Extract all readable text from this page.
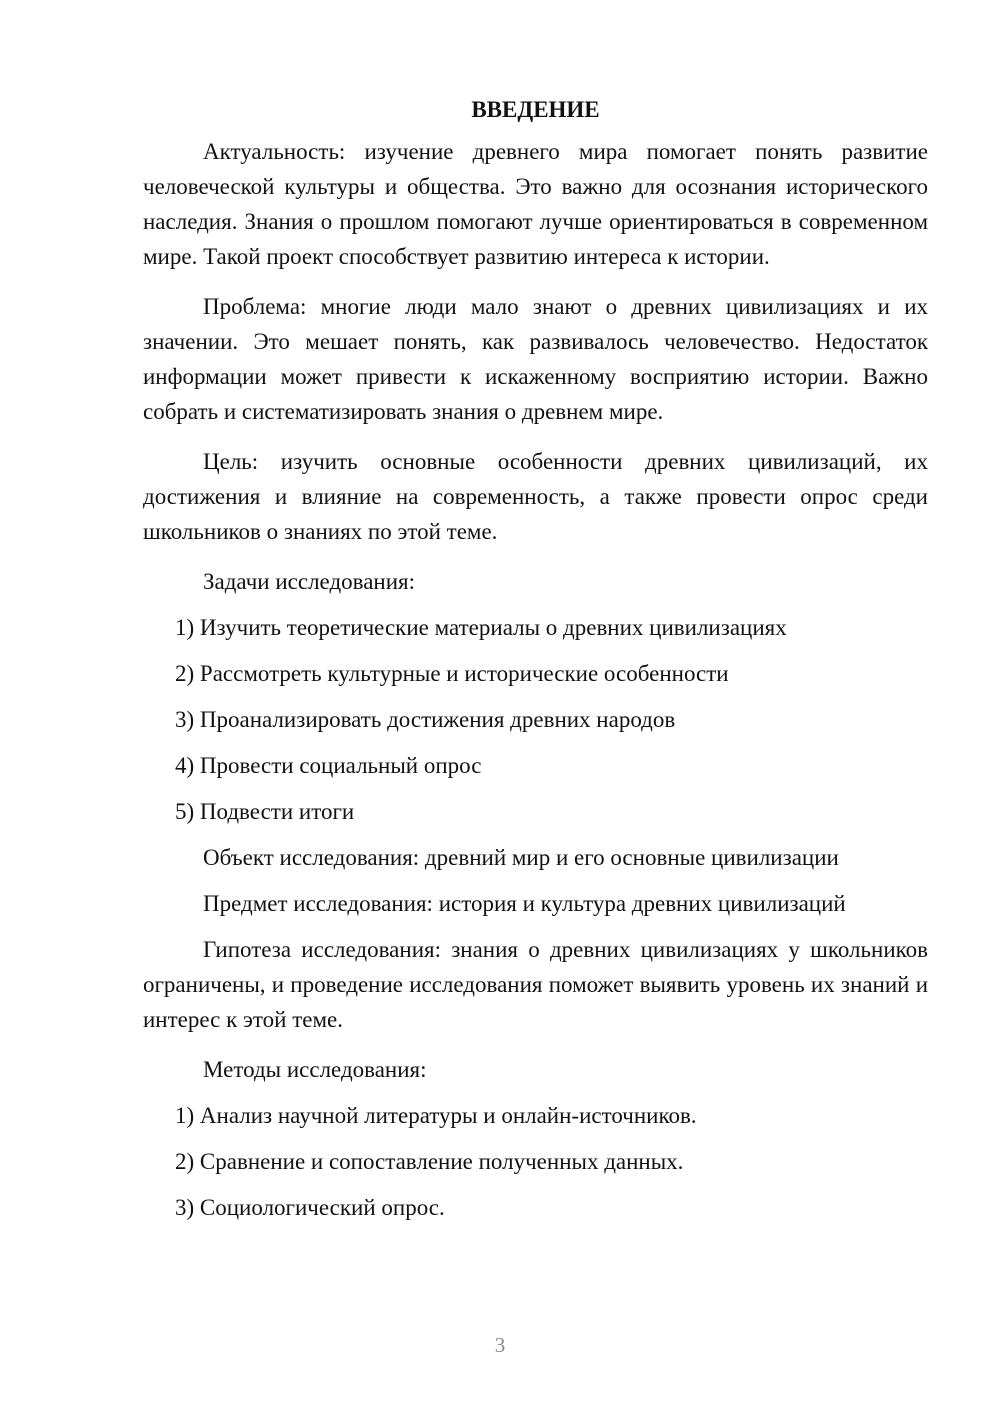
ВВЕДЕНИЕ

Актуальность: изучение древнего мира помогает понять развитие человеческой культуры и общества. Это важно для осознания исторического наследия. Знания о прошлом помогают лучше ориентироваться в современном мире. Такой проект способствует развитию интереса к истории.

Проблема: многие люди мало знают о древних цивилизациях и их значении. Это мешает понять, как развивалось человечество. Недостаток информации может привести к искаженному восприятию истории. Важно собрать и систематизировать знания о древнем мире.

Цель: изучить основные особенности древних цивилизаций, их достижения и влияние на современность, а также провести опрос среди школьников о знаниях по этой теме.

Задачи исследования:
1) Изучить теоретические материалы о древних цивилизациях
2) Рассмотреть культурные и исторические особенности
3) Проанализировать достижения древних народов
4) Провести социальный опрос
5) Подвести итоги
Объект исследования: древний мир и его основные цивилизации
Предмет исследования: история и культура древних цивилизаций

Гипотеза исследования: знания о древних цивилизациях у школьников ограничены, и проведение исследования поможет выявить уровень их знаний и интерес к этой теме.

Методы исследования:
1) Анализ научной литературы и онлайн-источников.
2) Сравнение и сопоставление полученных данных.
3) Социологический опрос.
3
